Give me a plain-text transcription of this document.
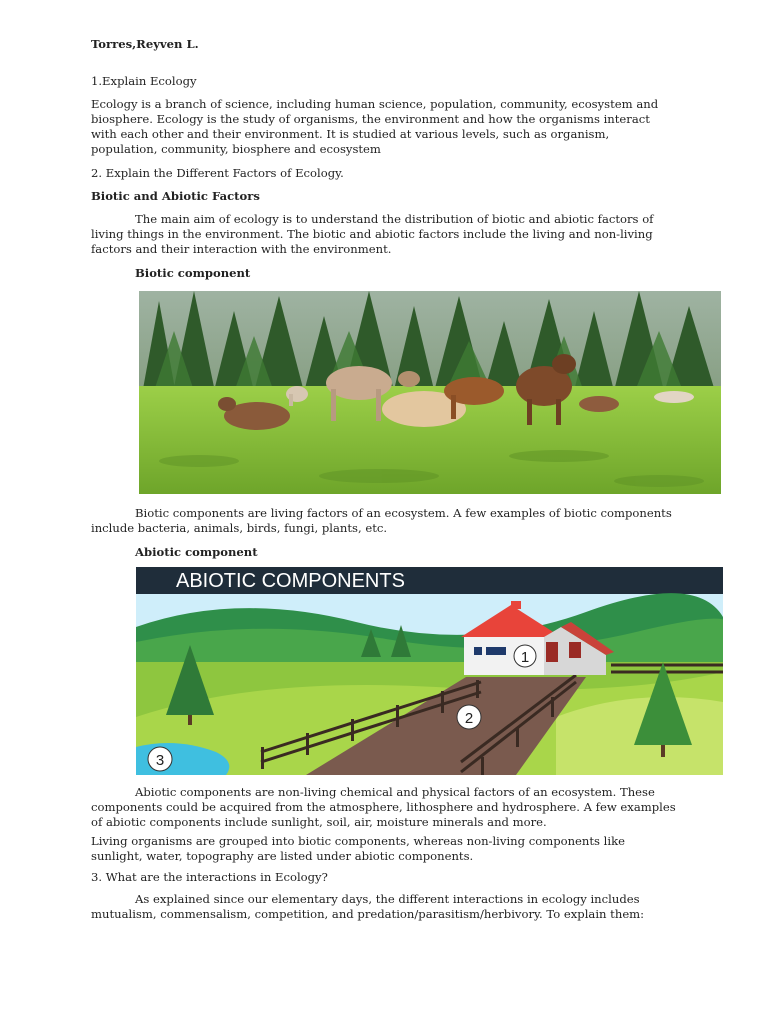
Torres,Reyven L.

1.Explain Ecology

Ecology is a branch of science, including human science, population, community, ecosystem and biosphere. Ecology is the study of organisms, the environment and how the organisms interact with each other and their environment. It is studied at various levels, such as organism, population, community, biosphere and ecosystem

2. Explain the Different Factors of Ecology.

Biotic and Abiotic Factors

The main aim of ecology is to understand the distribution of biotic and abiotic factors of living things in the environment. The biotic and abiotic factors include the living and non-living factors and their interaction with the environment.

Biotic component

Biotic components are living factors of an ecosystem. A few examples of biotic components include bacteria, animals, birds, fungi, plants, etc.

Abiotic component

ABIOTIC COMPONENTS
1
2
3

Abiotic components are non-living chemical and physical factors of an ecosystem. These components could be acquired from the atmosphere, lithosphere and hydrosphere. A few examples of abiotic components include sunlight, soil, air, moisture minerals and more.

Living organisms are grouped into biotic components, whereas non-living components like sunlight, water, topography are listed under abiotic components.

3. What are the interactions in Ecology?

As explained since our elementary days, the different interactions in ecology includes mutualism, commensalism, competition, and predation/parasitism/herbivory. To explain them:
